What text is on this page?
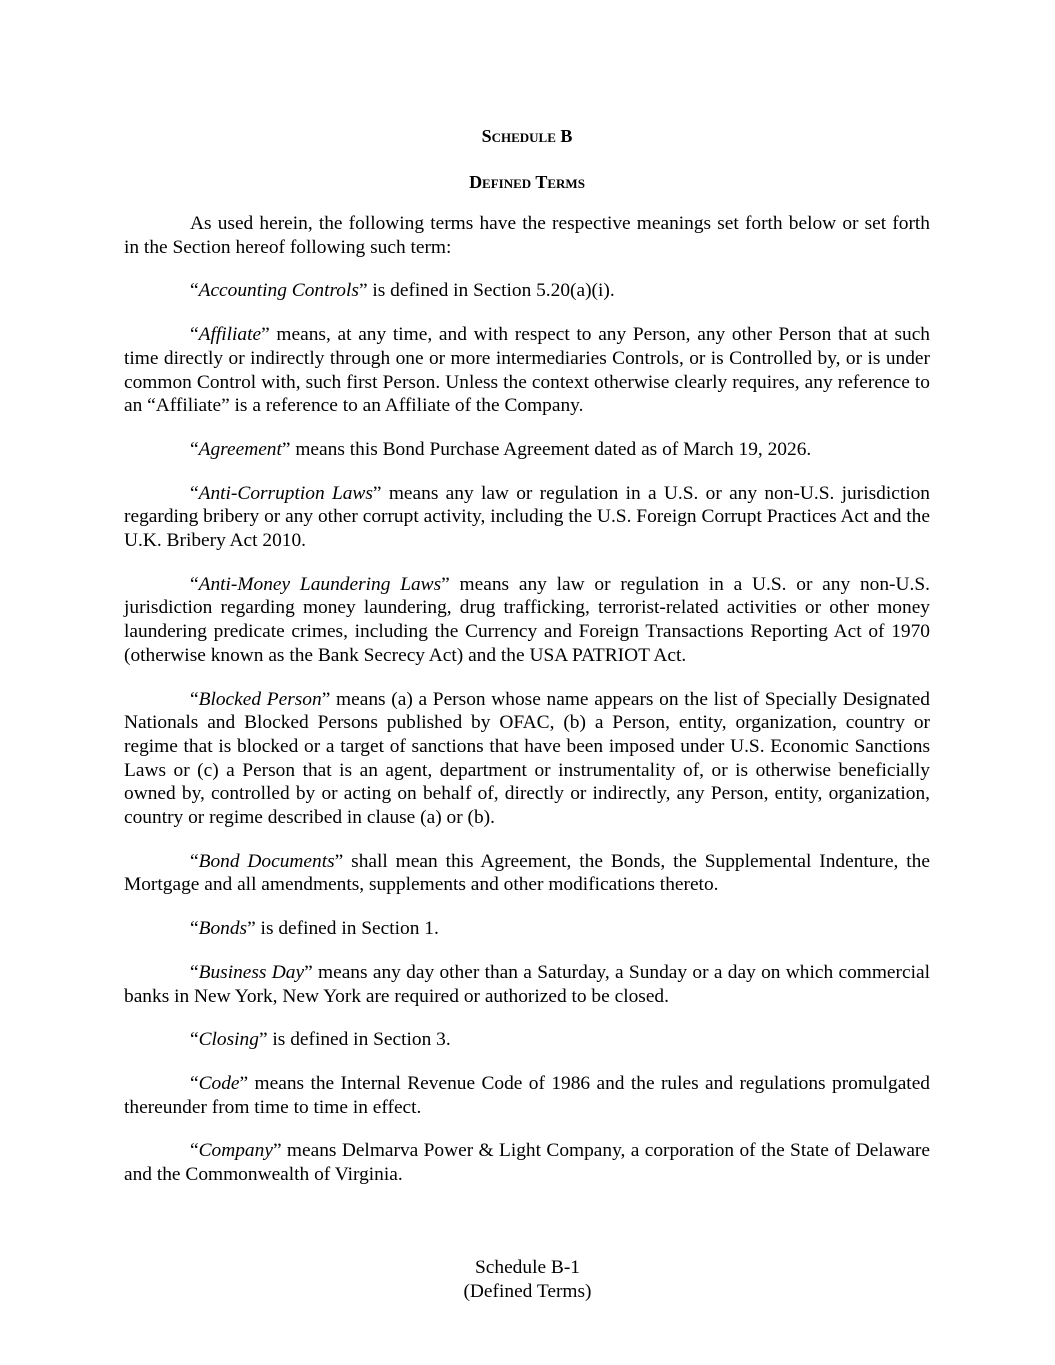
Schedule B
Defined Terms

As used herein, the following terms have the respective meanings set forth below or set forth in the Section hereof following such term:

“Accounting Controls” is defined in Section 5.20(a)(i).

“Affiliate” means, at any time, and with respect to any Person, any other Person that at such time directly or indirectly through one or more intermediaries Controls, or is Controlled by, or is under common Control with, such first Person. Unless the context otherwise clearly requires, any reference to an “Affiliate” is a reference to an Affiliate of the Company.

“Agreement” means this Bond Purchase Agreement dated as of March 19, 2026.

“Anti-Corruption Laws” means any law or regulation in a U.S. or any non-U.S. jurisdiction regarding bribery or any other corrupt activity, including the U.S. Foreign Corrupt Practices Act and the U.K. Bribery Act 2010.

“Anti-Money Laundering Laws” means any law or regulation in a U.S. or any non-U.S. jurisdiction regarding money laundering, drug trafficking, terrorist-related activities or other money laundering predicate crimes, including the Currency and Foreign Transactions Reporting Act of 1970 (otherwise known as the Bank Secrecy Act) and the USA PATRIOT Act.

“Blocked Person” means (a) a Person whose name appears on the list of Specially Designated Nationals and Blocked Persons published by OFAC, (b) a Person, entity, organization, country or regime that is blocked or a target of sanctions that have been imposed under U.S. Economic Sanctions Laws or (c) a Person that is an agent, department or instrumentality of, or is otherwise beneficially owned by, controlled by or acting on behalf of, directly or indirectly, any Person, entity, organization, country or regime described in clause (a) or (b).

“Bond Documents” shall mean this Agreement, the Bonds, the Supplemental Indenture, the Mortgage and all amendments, supplements and other modifications thereto.

“Bonds” is defined in Section 1.

“Business Day” means any day other than a Saturday, a Sunday or a day on which commercial banks in New York, New York are required or authorized to be closed.

“Closing” is defined in Section 3.

“Code” means the Internal Revenue Code of 1986 and the rules and regulations promulgated thereunder from time to time in effect.

“Company” means Delmarva Power & Light Company, a corporation of the State of Delaware and the Commonwealth of Virginia.

Schedule B-1
(Defined Terms)
